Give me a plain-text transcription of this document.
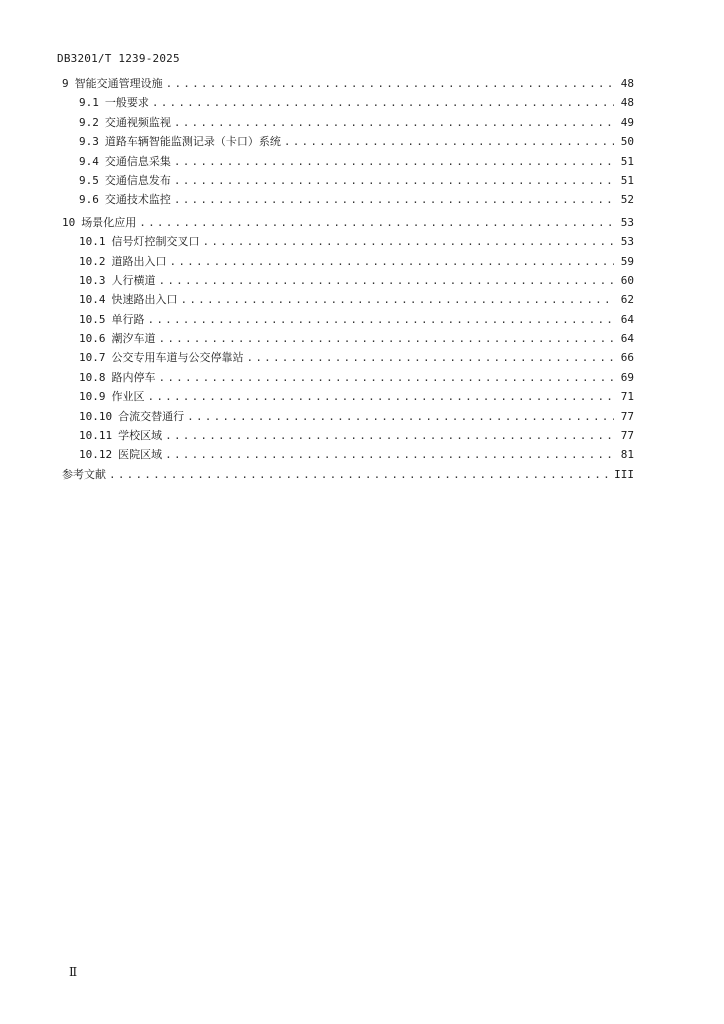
DB3201/T 1239-2025
9 智能交通管理设施 .....	48
9.1 一般要求 .....	48
9.2 交通视频监视 .....	49
9.3 道路车辆智能监测记录（卡口）系统 .....	50
9.4 交通信息采集 .....	51
9.5 交通信息发布 .....	51
9.6 交通技术监控 .....	52
10 场景化应用 .....	53
10.1 信号灯控制交叉口 .....	53
10.2 道路出入口 .....	59
10.3 人行横道 .....	60
10.4 快速路出入口 .....	62
10.5 单行路 .....	64
10.6 潮汐车道 .....	64
10.7 公交专用车道与公交停靠站 .....	66
10.8 路内停车 .....	69
10.9 作业区 .....	71
10.10 合流交替通行 .....	77
10.11 学校区域 .....	77
10.12 医院区域 .....	81
参考文献 .....	III
Ⅱ
